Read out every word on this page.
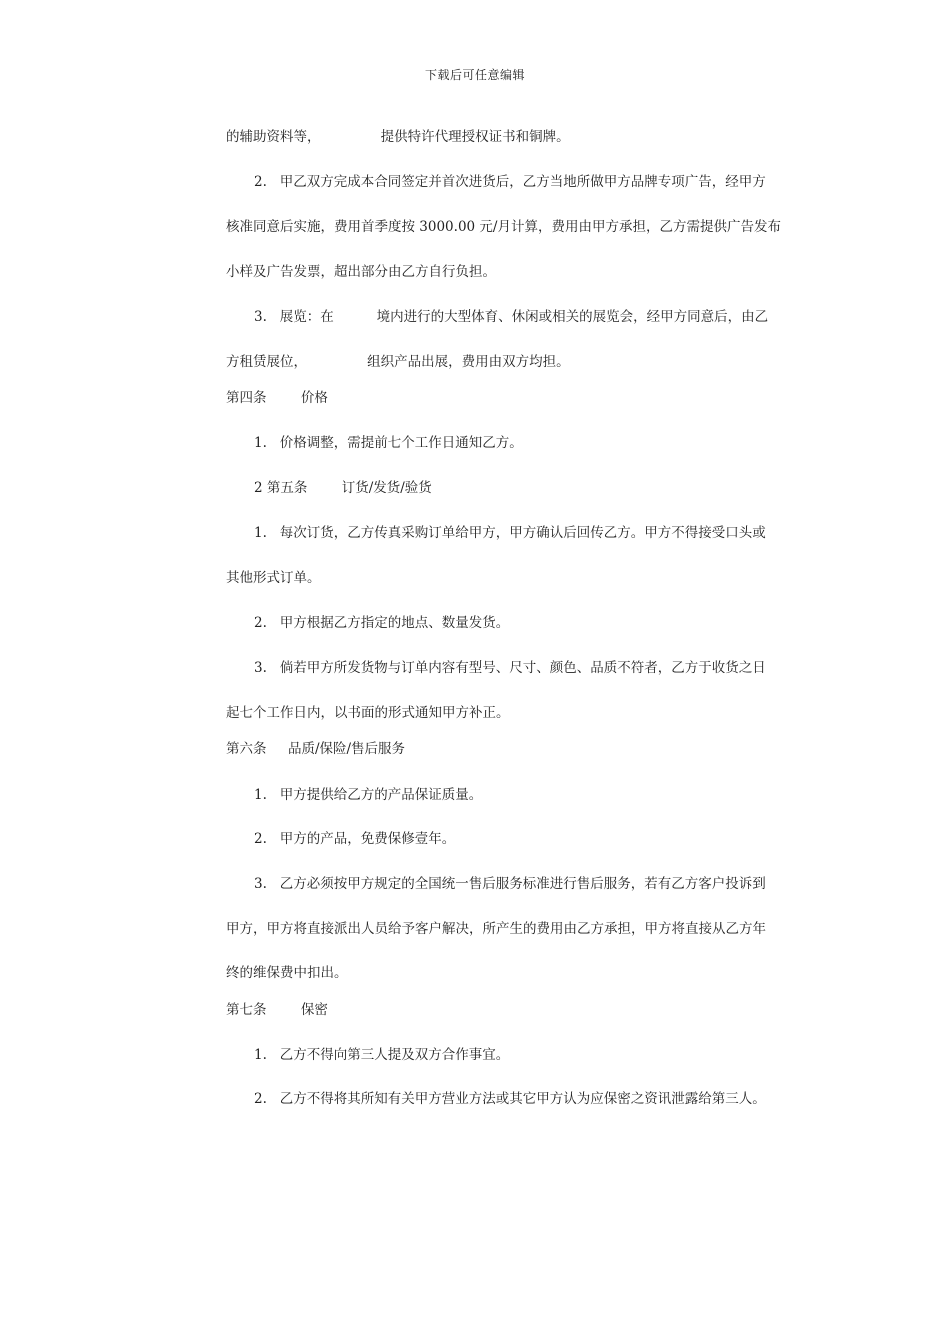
下载后可任意编辑
的辅助资料等，              提供特许代理授权证书和铜牌。
2.   甲乙双方完成本合同签定并首次进货后，乙方当地所做甲方品牌专项广告，经甲方
核准同意后实施，费用首季度按 3000.00 元/月计算，费用由甲方承担，乙方需提供广告发布
小样及广告发票，超出部分由乙方自行负担。
3.   展览：在          境内进行的大型体育、休闲或相关的展览会，经甲方同意后，由乙
方租赁展位，              组织产品出展，费用由双方均担。
第四条        价格
1.   价格调整，需提前七个工作日通知乙方。
2 第五条        订货/发货/验货
1.   每次订货，乙方传真采购订单给甲方，甲方确认后回传乙方。甲方不得接受口头或
其他形式订单。
2.   甲方根据乙方指定的地点、数量发货。
3.   倘若甲方所发货物与订单内容有型号、尺寸、颜色、品质不符者，乙方于收货之日
起七个工作日内，以书面的形式通知甲方补正。
第六条     品质/保险/售后服务
1.   甲方提供给乙方的产品保证质量。
2.   甲方的产品，免费保修壹年。
3.   乙方必须按甲方规定的全国统一售后服务标准进行售后服务，若有乙方客户投诉到
甲方，甲方将直接派出人员给予客户解决，所产生的费用由乙方承担，甲方将直接从乙方年
终的维保费中扣出。
第七条        保密
1.   乙方不得向第三人提及双方合作事宜。
2.   乙方不得将其所知有关甲方营业方法或其它甲方认为应保密之资讯泄露给第三人。
